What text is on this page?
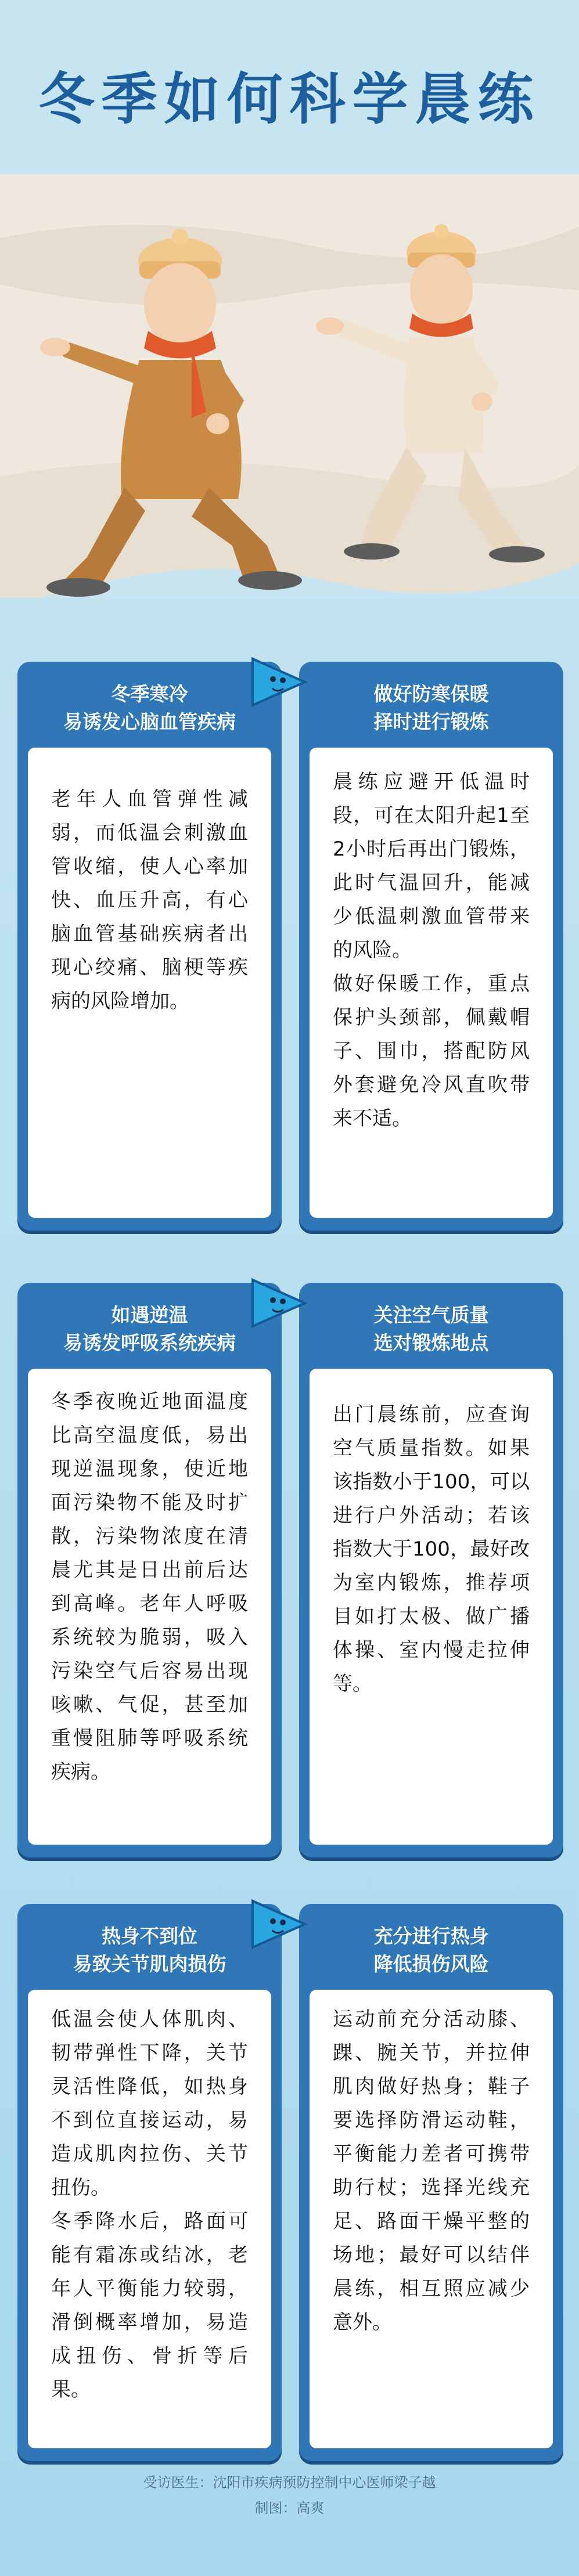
冬季如何科学晨练
冬季寒冷
易诱发心脑血管疾病

老年人血管弹性减弱，而低温会刺激血管收缩，使人心率加快、血压升高，有心脑血管基础疾病者出现心绞痛、脑梗等疾病的风险增加。

做好防寒保暖
择时进行锻炼

晨练应避开低温时段，可在太阳升起1至2小时后再出门锻炼，此时气温回升，能减少低温刺激血管带来的风险。
做好保暖工作，重点保护头颈部，佩戴帽子、围巾，搭配防风外套避免冷风直吹带来不适。

如遇逆温
易诱发呼吸系统疾病

冬季夜晚近地面温度比高空温度低，易出现逆温现象，使近地面污染物不能及时扩散，污染物浓度在清晨尤其是日出前后达到高峰。老年人呼吸系统较为脆弱，吸入污染空气后容易出现咳嗽、气促，甚至加重慢阻肺等呼吸系统疾病。

关注空气质量
选对锻炼地点

出门晨练前，应查询空气质量指数。如果该指数小于100，可以进行户外活动；若该指数大于100，最好改为室内锻炼，推荐项目如打太极、做广播体操、室内慢走拉伸等。

热身不到位
易致关节肌肉损伤

低温会使人体肌肉、韧带弹性下降，关节灵活性降低，如热身不到位直接运动，易造成肌肉拉伤、关节扭伤。
冬季降水后，路面可能有霜冻或结冰，老年人平衡能力较弱，滑倒概率增加，易造成扭伤、骨折等后果。

充分进行热身
降低损伤风险

运动前充分活动膝、踝、腕关节，并拉伸肌肉做好热身；鞋子要选择防滑运动鞋，平衡能力差者可携带助行杖；选择光线充足、路面干燥平整的场地；最好可以结伴晨练，相互照应减少意外。

受访医生：沈阳市疾病预防控制中心医师梁子越
制图：高爽
